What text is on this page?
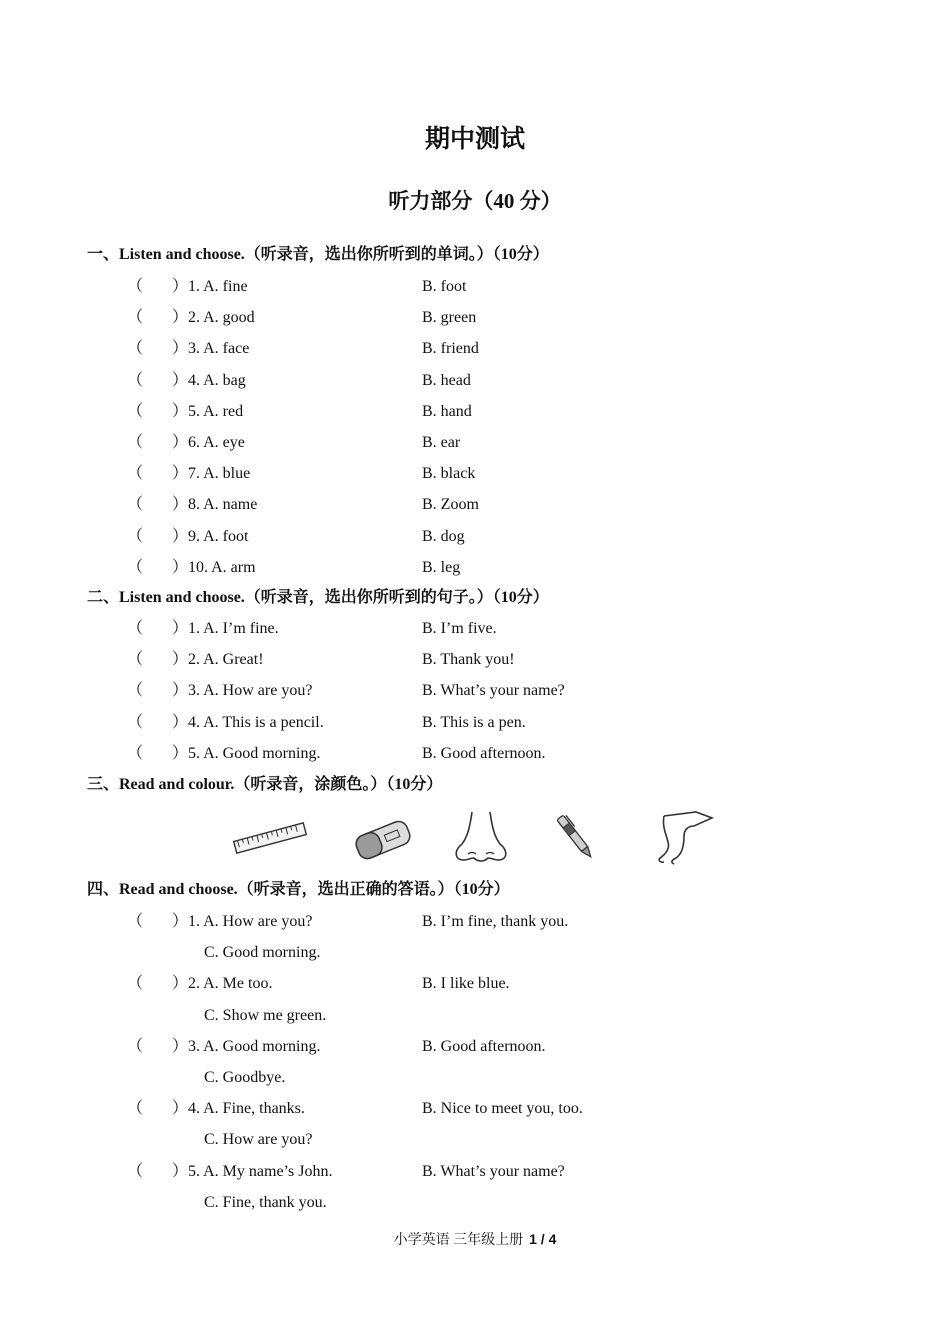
期中测试
听力部分（40 分）
一、Listen and choose.（听录音，选出你所听到的单词。）（10分）
（ ） 1. A. fine	B. foot
（ ） 2. A. good	B. green
（ ） 3. A. face	B. friend
（ ） 4. A. bag	B. head
（ ） 5. A. red	B. hand
（ ） 6. A. eye	B. ear
（ ） 7. A. blue	B. black
（ ） 8. A. name	B. Zoom
（ ） 9. A. foot	B. dog
（ ） 10. A. arm	B. leg
二、Listen and choose.（听录音，选出你所听到的句子。）（10分）
（ ） 1. A. I’m fine.	B. I’m five.
（ ） 2. A. Great!	B. Thank you!
（ ） 3. A. How are you?	B. What’s your name?
（ ） 4. A. This is a pencil.	B. This is a pen.
（ ） 5. A. Good morning.	B. Good afternoon.
三、Read and colour.（听录音，涂颜色。）（10分）
四、Read and choose.（听录音，选出正确的答语。）（10分）
（ ） 1. A. How are you?	B. I’m fine, thank you.
C. Good morning.
（ ） 2. A. Me too.	B. I like blue.
C. Show me green.
（ ） 3. A. Good morning.	B. Good afternoon.
C. Goodbye.
（ ） 4. A. Fine, thanks.	B. Nice to meet you, too.
C. How are you?
（ ） 5. A. My name’s John.	B. What’s your name?
C. Fine, thank you.
小学英语 三年级上册 1 / 4
